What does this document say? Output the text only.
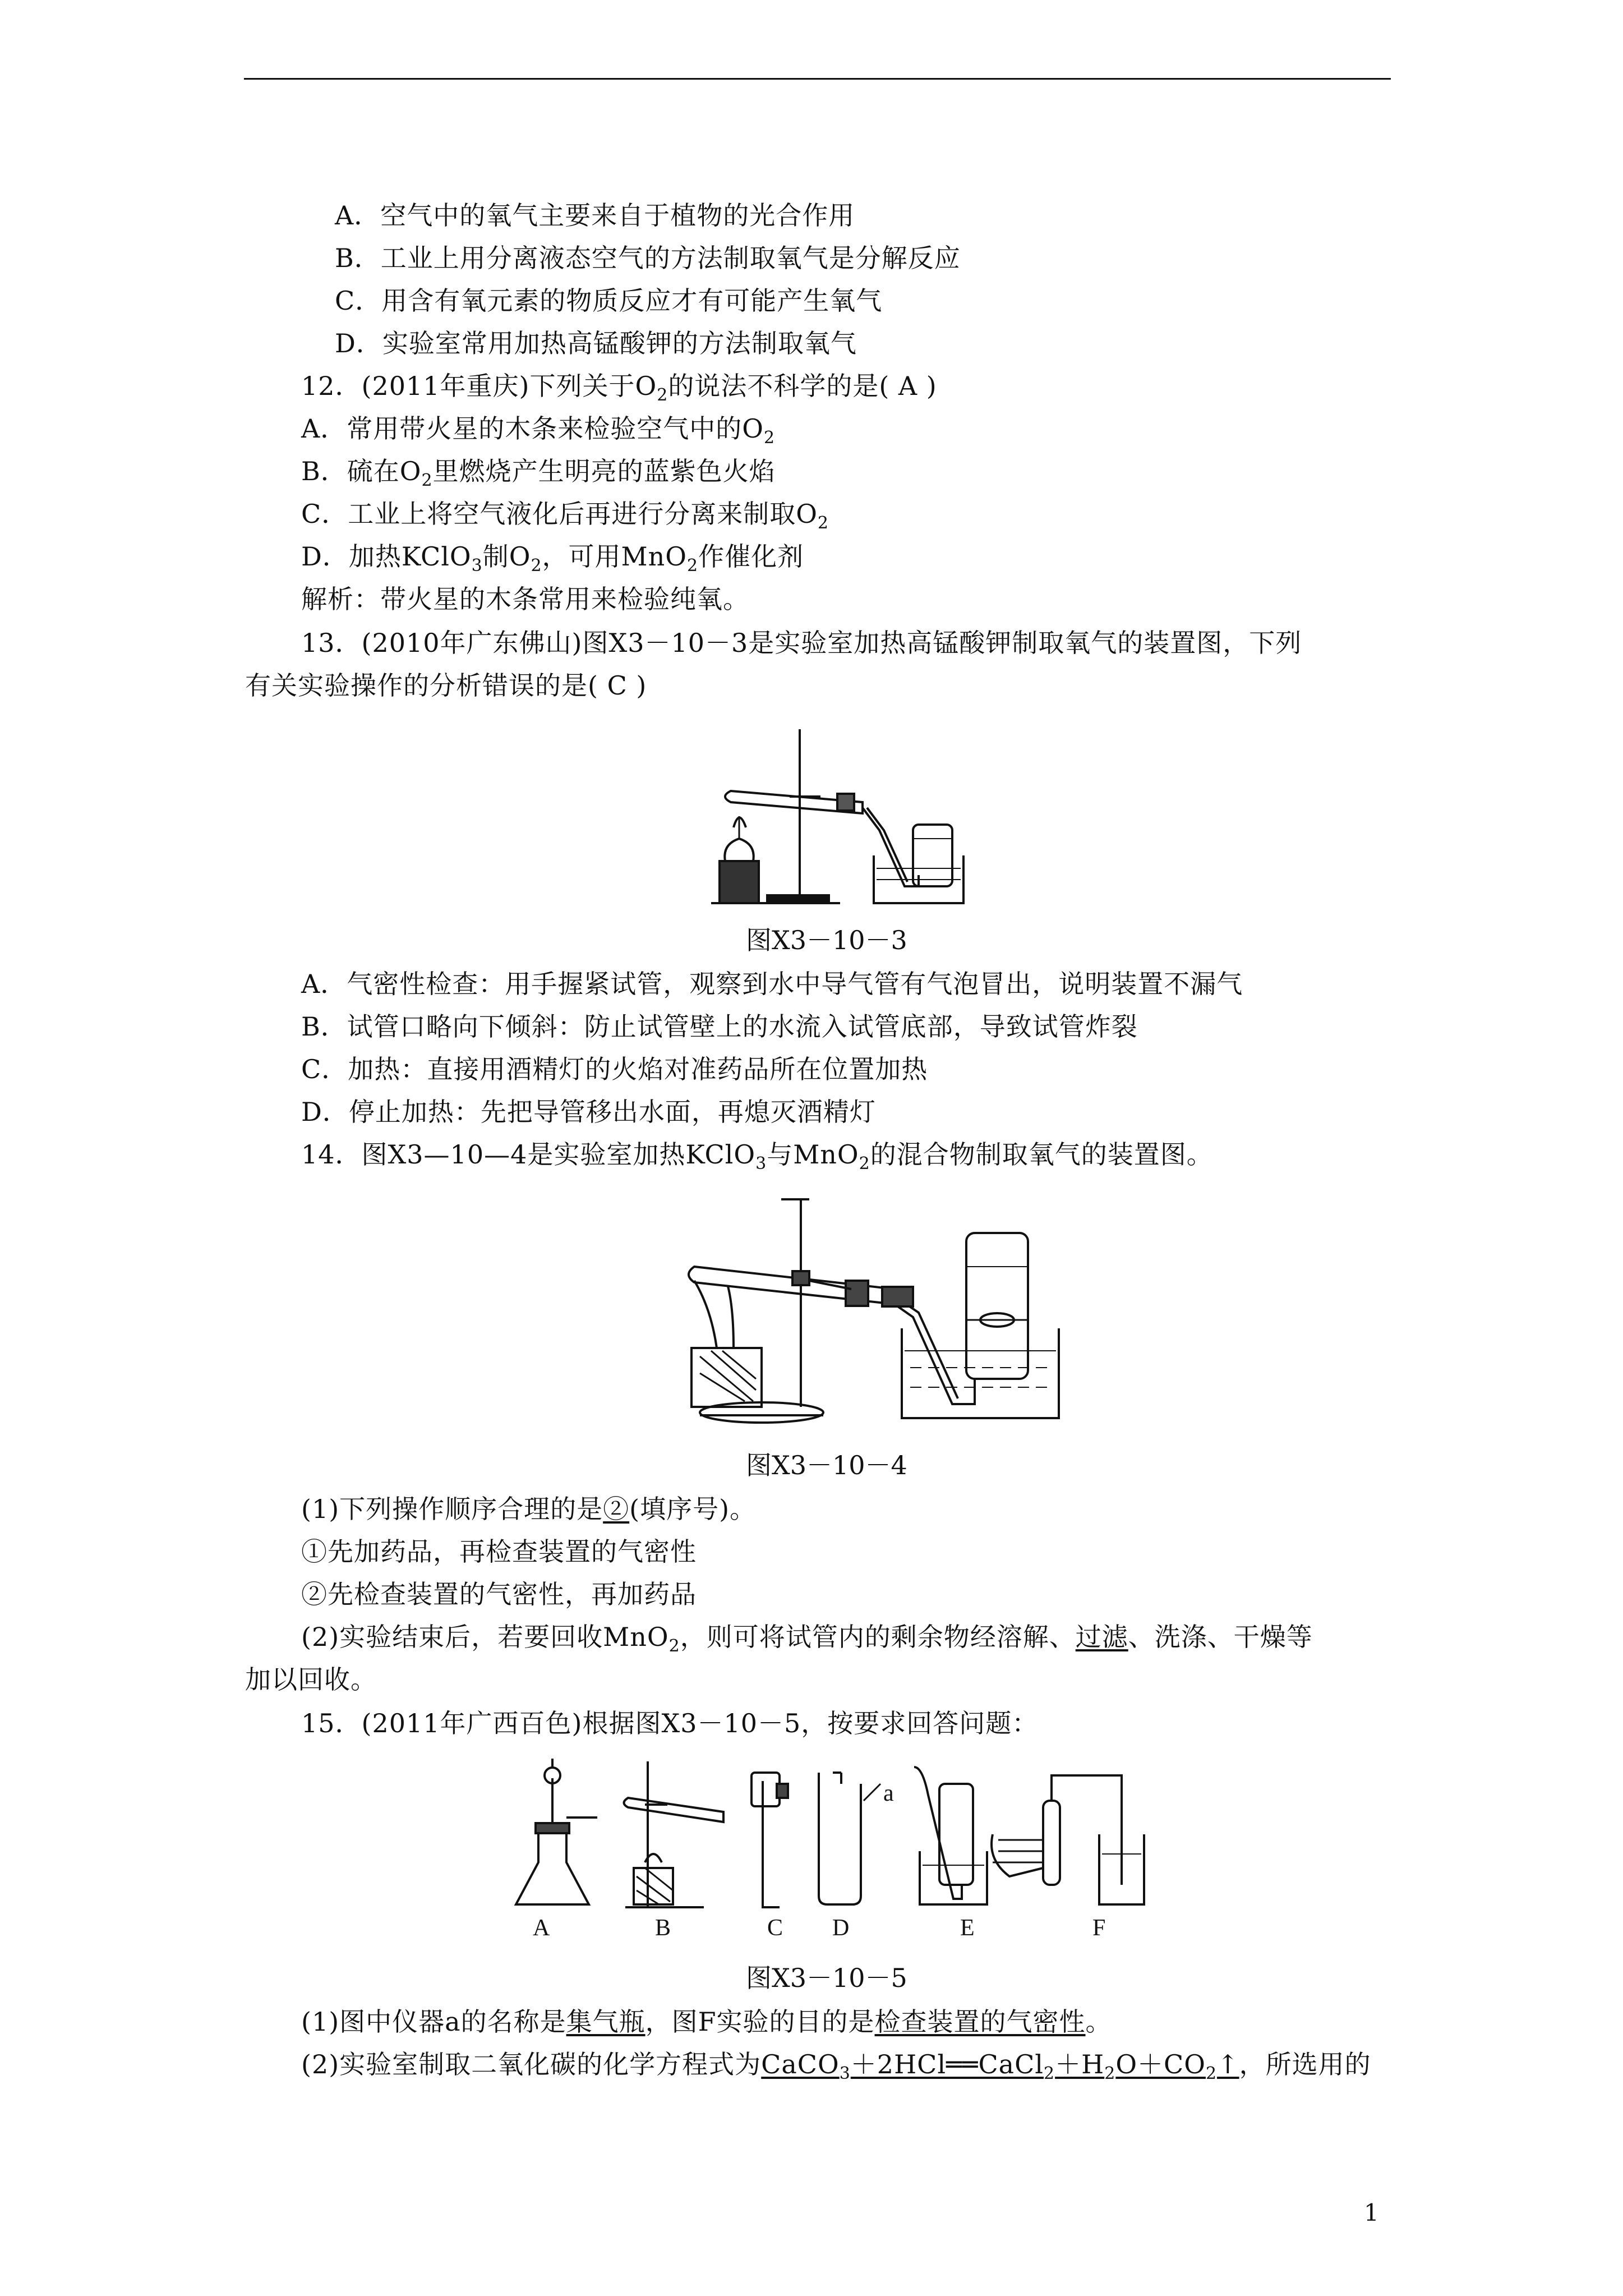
A．空气中的氧气主要来自于植物的光合作用
B．工业上用分离液态空气的方法制取氧气是分解反应
C．用含有氧元素的物质反应才有可能产生氧气
D．实验室常用加热高锰酸钾的方法制取氧气
12．(2011年重庆)下列关于$O_2$的说法不科学的是( A )
A．常用带火星的木条来检验空气中的$O_2$
B．硫在$O_2$里燃烧产生明亮的蓝紫色火焰
C．工业上将空气液化后再进行分离来制取$O_2$
D．加热KClO$_3$制$O_2$，可用MnO$_2$作催化剂
解析：带火星的木条常用来检验纯氧。
13．(2010年广东佛山)图X3－10－3是实验室加热高锰酸钾制取氧气的装置图，下列
有关实验操作的分析错误的是( C )
图X3－10－3
A．气密性检查：用手握紧试管，观察到水中导气管有气泡冒出，说明装置不漏气
B．试管口略向下倾斜：防止试管壁上的水流入试管底部，导致试管炸裂
C．加热：直接用酒精灯的火焰对准药品所在位置加热
D．停止加热：先把导管移出水面，再熄灭酒精灯
14．图X3—10—4是实验室加热KClO$_3$与MnO$_2$的混合物制取氧气的装置图。
图X3－10－4
(1)下列操作顺序合理的是②(填序号)。
①先加药品，再检查装置的气密性
②先检查装置的气密性，再加药品
(2)实验结束后，若要回收MnO$_2$，则可将试管内的剩余物经溶解、过滤、洗涤、干燥等
加以回收。
15．(2011年广西百色)根据图X3－10－5，按要求回答问题：
A	B	C D	E	F
a
图X3－10－5
(1)图中仪器a的名称是集气瓶，图F实验的目的是检查装置的气密性。
(2)实验室制取二氧化碳的化学方程式为$CaCO_3+2HCl══CaCl_2+H_2O+CO_2↑$，所选用的
1
